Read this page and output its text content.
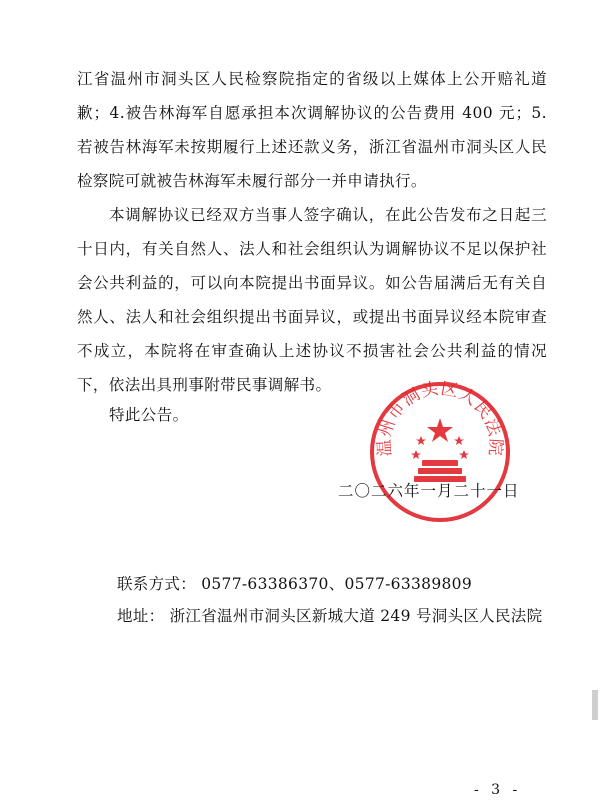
江省温州市洞头区人民检察院指定的省级以上媒体上公开赔礼道歉；4.被告林海军自愿承担本次调解协议的公告费用 400 元；5.若被告林海军未按期履行上述还款义务，浙江省温州市洞头区人民检察院可就被告林海军未履行部分一并申请执行。

本调解协议已经双方当事人签字确认，在此公告发布之日起三十日内，有关自然人、法人和社会组织认为调解协议不足以保护社会公共利益的，可以向本院提出书面异议。如公告届满后无有关自然人、法人和社会组织提出书面异议，或提出书面异议经本院审查不成立，本院将在审查确认上述协议不损害社会公共利益的情况下，依法出具刑事附带民事调解书。

特此公告。

温州市洞头区人民法院
二〇二六年一月二十一日
联系方式： 0577-63386370、0577-63389809
地址： 浙江省温州市洞头区新城大道 249 号洞头区人民法院
- 3 -
